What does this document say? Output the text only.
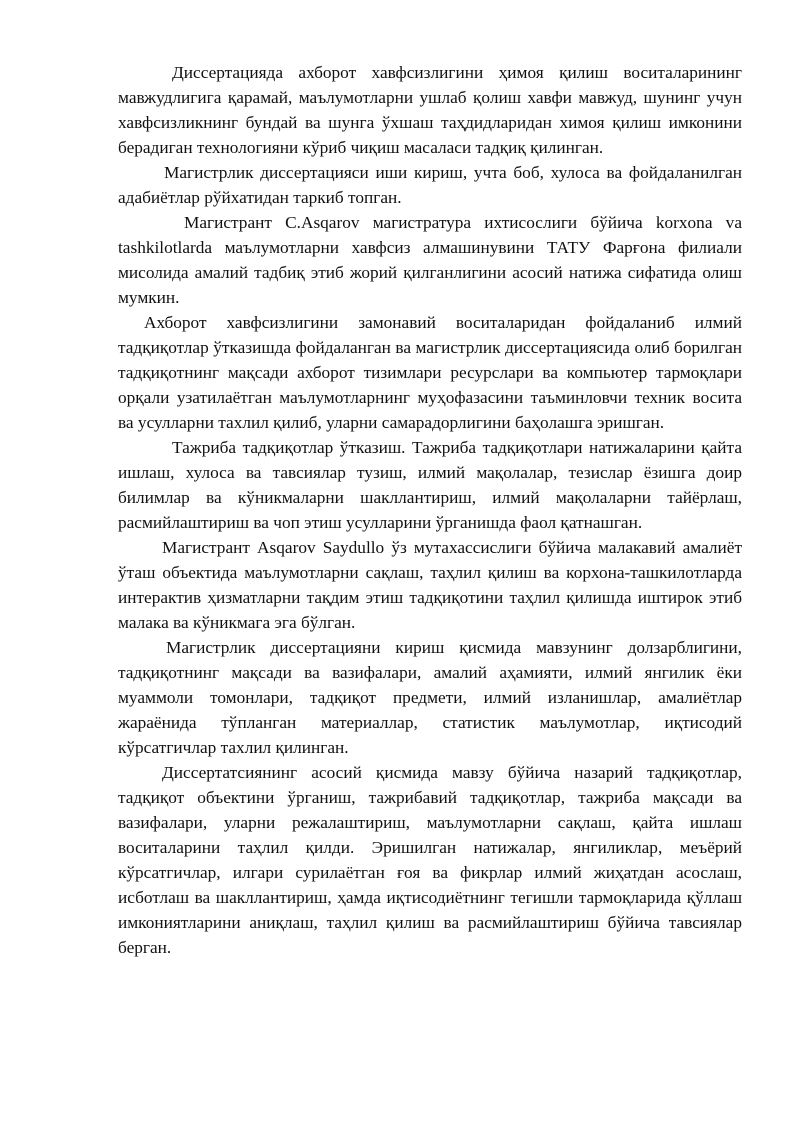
Диссертацияда ахборот хавфсизлигини ҳимоя қилиш воситаларининг мавжудлигига қарамай, маълумотларни ушлаб қолиш хавфи мавжуд, шунинг учун хавфсизликнинг бундай ва шунга ўхшаш таҳдидларидан химоя қилиш имконини берадиган технологияни кўриб чиқиш масаласи тадқиқ қилинган.

Магистрлик диссертацияси иши кириш, учта боб, хулоса ва фойдаланилган адабиётлар рўйхатидан таркиб топган.

Магистрант С.Asqarov магистратура ихтисослиги бўйича korxona va tashkilotlarda маълумотларни хавфсиз алмашинувини ТАТУ Фарғона филиали мисолида амалий тадбиқ этиб жорий қилганлигини асосий натижа сифатида олиш мумкин.

Ахборот хавфсизлигини замонавий воситаларидан фойдаланиб илмий тадқиқотлар ўтказишда фойдаланган ва магистрлик диссертациясида олиб борилган тадқиқотнинг мақсади ахборот тизимлари ресурслари ва компьютер тармоқлари орқали узатилаётган маълумотларнинг муҳофазасини таъминловчи техник восита ва усулларни тахлил қилиб, уларни самарадорлигини баҳолашга эришган.

Тажриба тадқиқотлар ўтказиш. Тажриба тадқиқотлари натижаларини қайта ишлаш, хулоса ва тавсиялар тузиш, илмий мақолалар, тезислар ёзишга доир билимлар ва кўникмаларни шакллантириш, илмий мақолаларни тайёрлаш, расмийлаштириш ва чоп этиш усулларини ўрганишда фаол қатнашган.

Магистрант Asqarov Saydullo ўз мутахассислиги бўйича малакавий амалиёт ўташ объектида маълумотларни сақлаш, таҳлил қилиш ва корхона-ташкилотларда интерактив ҳизматларни тақдим этиш тадқиқотини таҳлил қилишда иштирок этиб малака ва кўникмага эга бўлган.

Магистрлик диссертацияни кириш қисмида мавзунинг долзарблигини, тадқиқотнинг мақсади ва вазифалари, амалий аҳамияти, илмий янгилик ёки муаммоли томонлари, тадқиқот предмети, илмий изланишлар, амалиётлар жараёнида тўпланган материаллар, статистик маълумотлар, иқтисодий кўрсатгичлар тахлил қилинган.

Диссертатсиянинг асосий қисмида мавзу бўйича назарий тадқиқотлар, тадқиқот объектини ўрганиш, тажрибавий тадқиқотлар, тажриба мақсади ва вазифалари, уларни режалаштириш, маълумотларни сақлаш, қайта ишлаш воситаларини таҳлил қилди. Эришилган натижалар, янгиликлар, меъёрий кўрсатгичлар, илгари сурилаётган ғоя ва фикрлар илмий жиҳатдан асослаш, исботлаш ва шакллантириш, ҳамда иқтисодиётнинг тегишли тармоқларида қўллаш имкониятларини аниқлаш, таҳлил қилиш ва расмийлаштириш бўйича тавсиялар берган.
